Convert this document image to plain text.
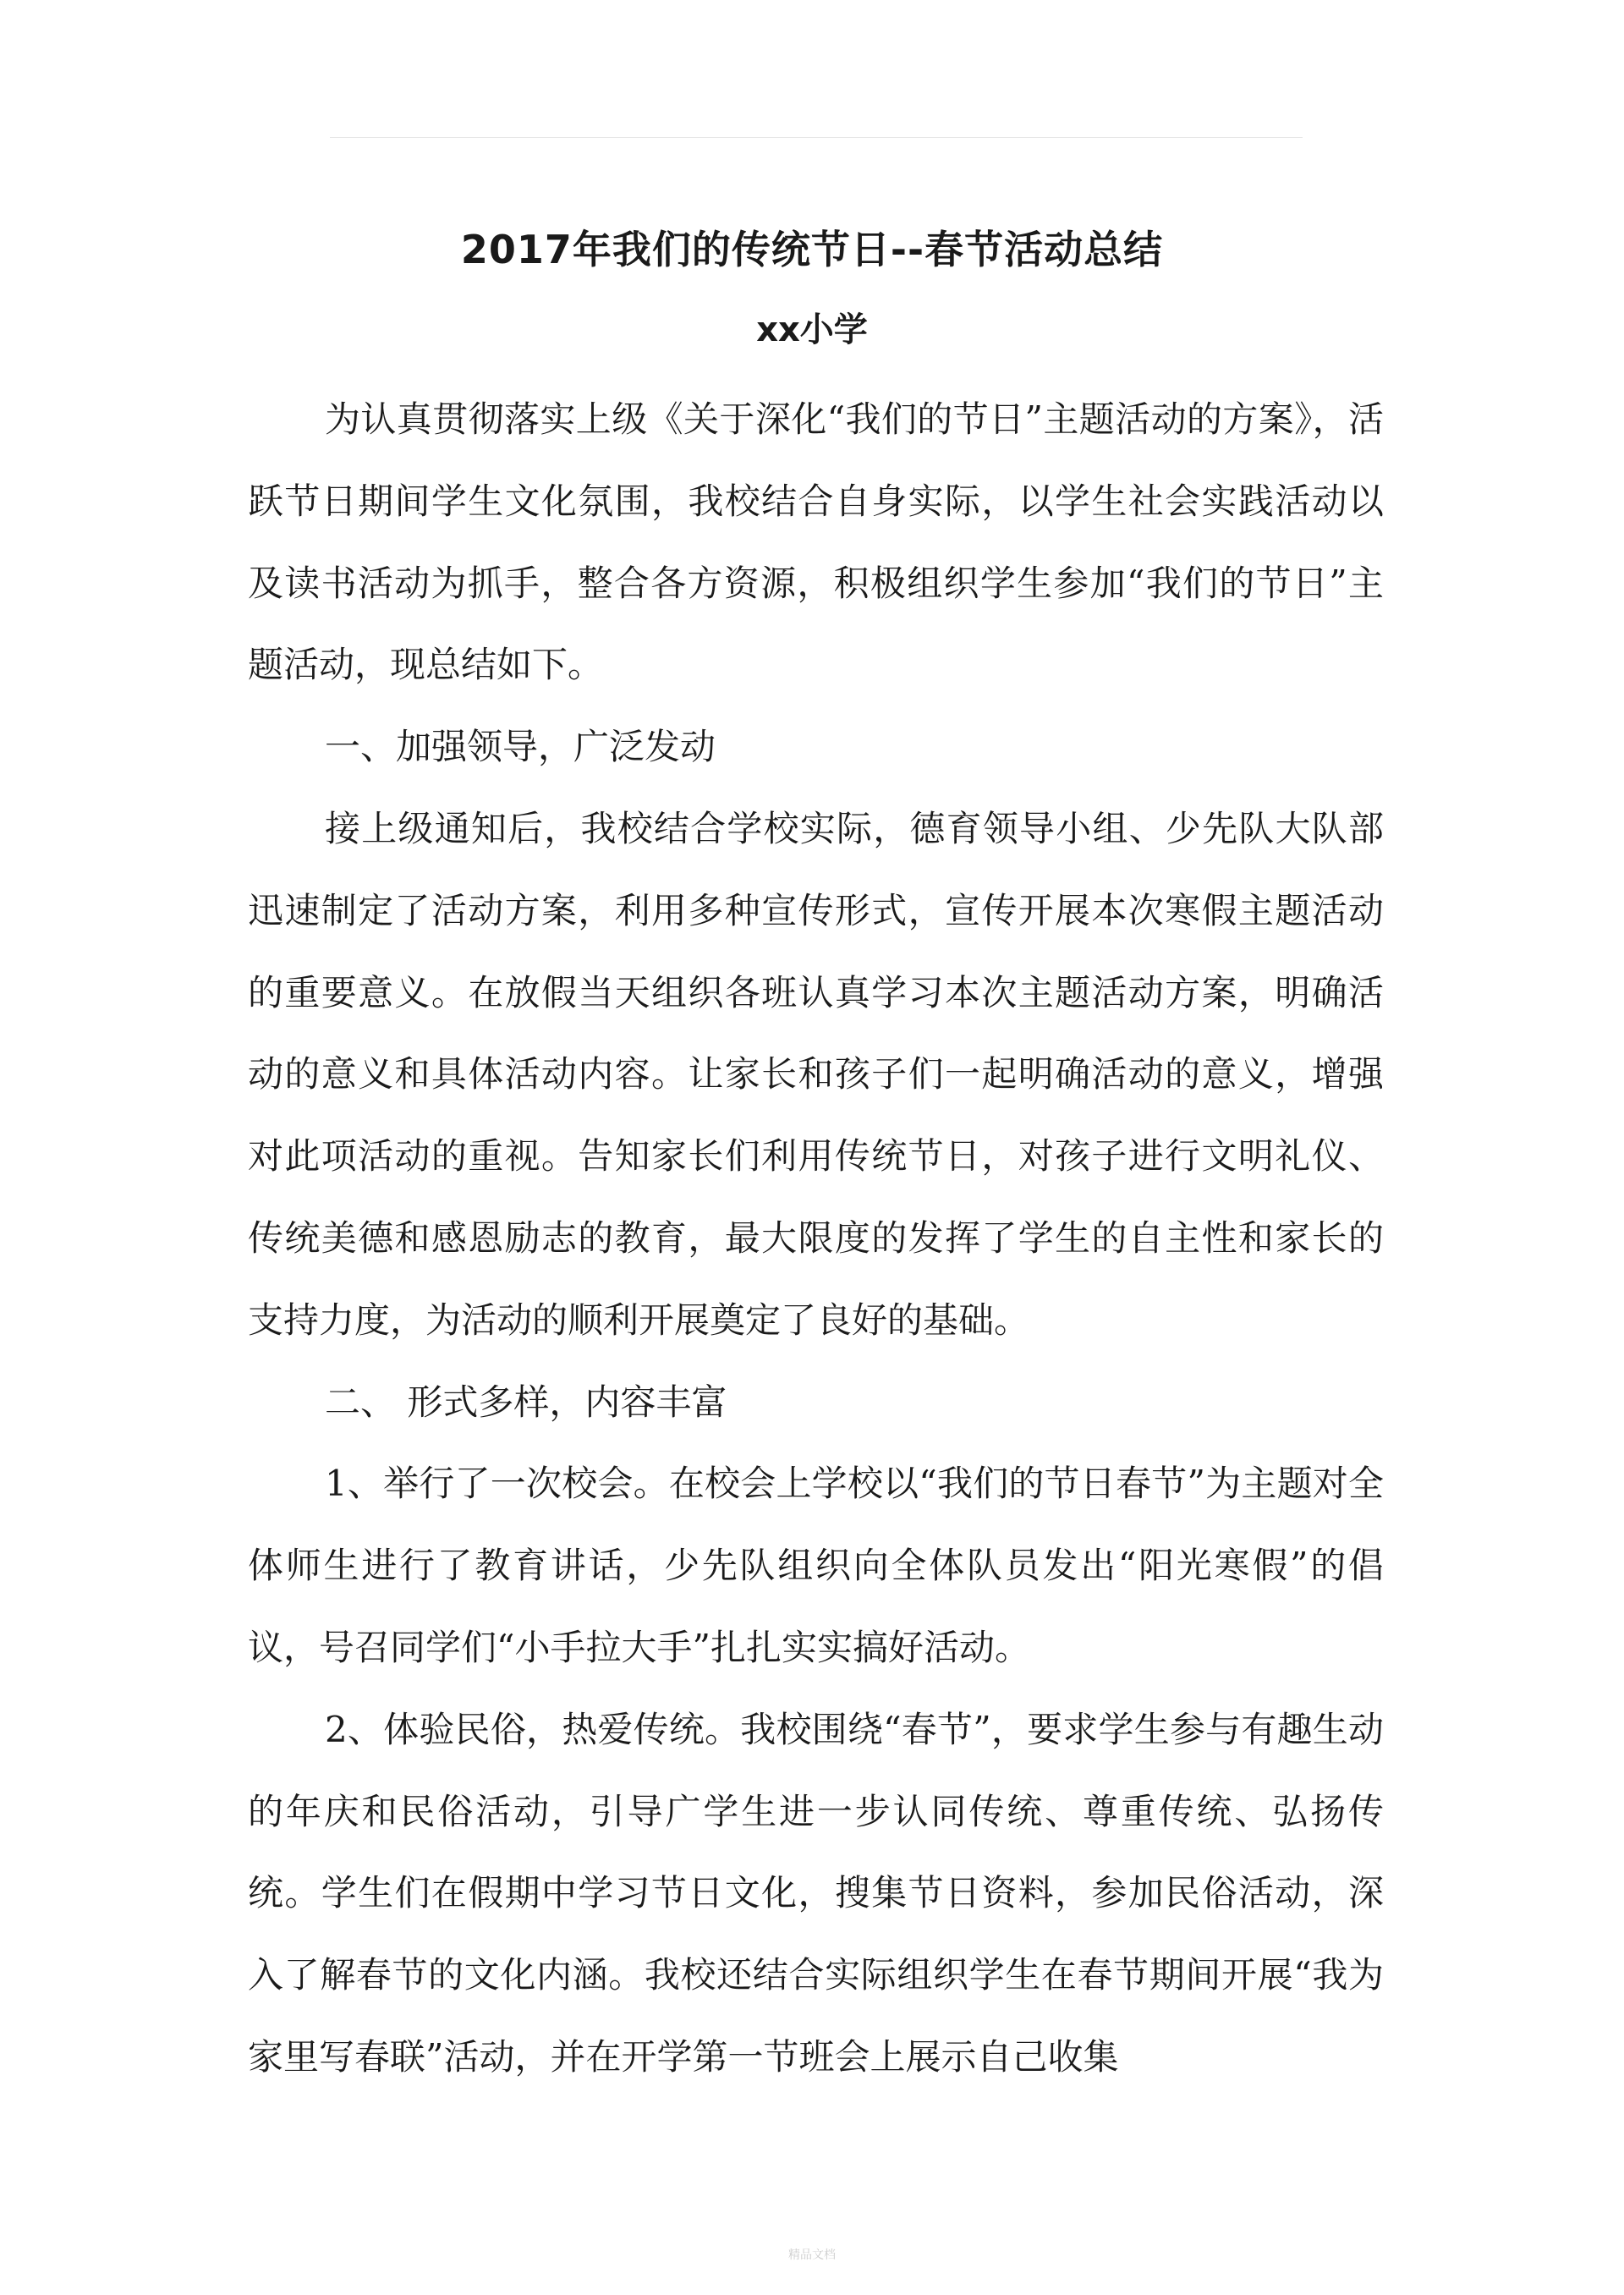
2017年我们的传统节日--春节活动总结
xx小学

为认真贯彻落实上级《关于深化“我们的节日”主题活动的方案》，活跃节日期间学生文化氛围，我校结合自身实际，以学生社会实践活动以及读书活动为抓手，整合各方资源，积极组织学生参加“我们的节日”主题活动，现总结如下。

一、加强领导，广泛发动

接上级通知后，我校结合学校实际，德育领导小组、少先队大队部迅速制定了活动方案，利用多种宣传形式，宣传开展本次寒假主题活动的重要意义。在放假当天组织各班认真学习本次主题活动方案，明确活动的意义和具体活动内容。让家长和孩子们一起明确活动的意义，增强对此项活动的重视。告知家长们利用传统节日，对孩子进行文明礼仪、传统美德和感恩励志的教育，最大限度的发挥了学生的自主性和家长的支持力度，为活动的顺利开展奠定了良好的基础。

二、 形式多样，内容丰富

1、举行了一次校会。在校会上学校以“我们的节日春节”为主题对全体师生进行了教育讲话，少先队组织向全体队员发出“阳光寒假”的倡议，号召同学们“小手拉大手”扎扎实实搞好活动。

2、体验民俗，热爱传统。我校围绕“春节”，要求学生参与有趣生动的年庆和民俗活动，引导广学生进一步认同传统、尊重传统、弘扬传统。学生们在假期中学习节日文化，搜集节日资料，参加民俗活动，深入了解春节的文化内涵。我校还结合实际组织学生在春节期间开展“我为家里写春联”活动，并在开学第一节班会上展示自己收集

精品文档
